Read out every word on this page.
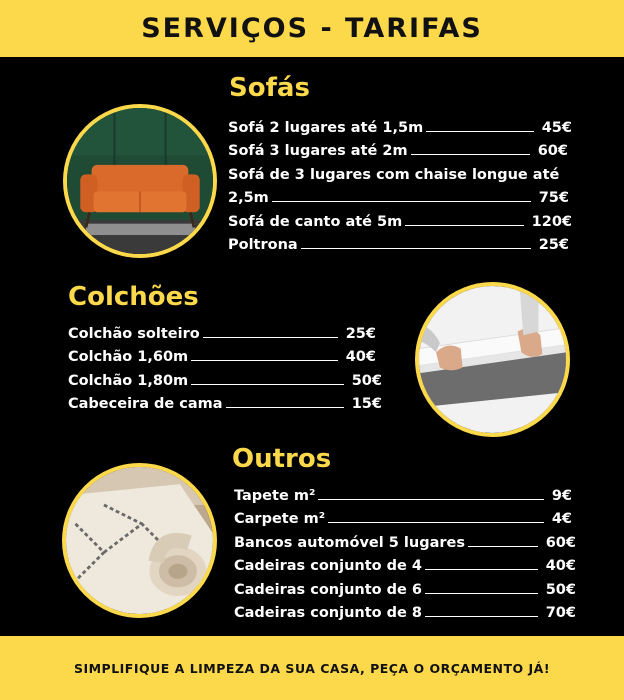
SERVIÇOS - TARIFAS
Sofás
Sofá 2 lugares até 1,5m	45€
Sofá 3 lugares até 2m	60€
Sofá de 3 lugares com chaise longue até
2,5m	75€
Sofá de canto até 5m	120€
Poltrona	25€
Colchões
Colchão solteiro	25€
Colchão 1,60m	40€
Colchão 1,80m	50€
Cabeceira de cama	15€
Outros
Tapete m²	9€
Carpete m²	4€
Bancos automóvel 5 lugares	60€
Cadeiras conjunto de 4	40€
Cadeiras conjunto de 6	50€
Cadeiras conjunto de 8	70€
SIMPLIFIQUE A LIMPEZA DA SUA CASA, PEÇA O ORÇAMENTO JÁ!
